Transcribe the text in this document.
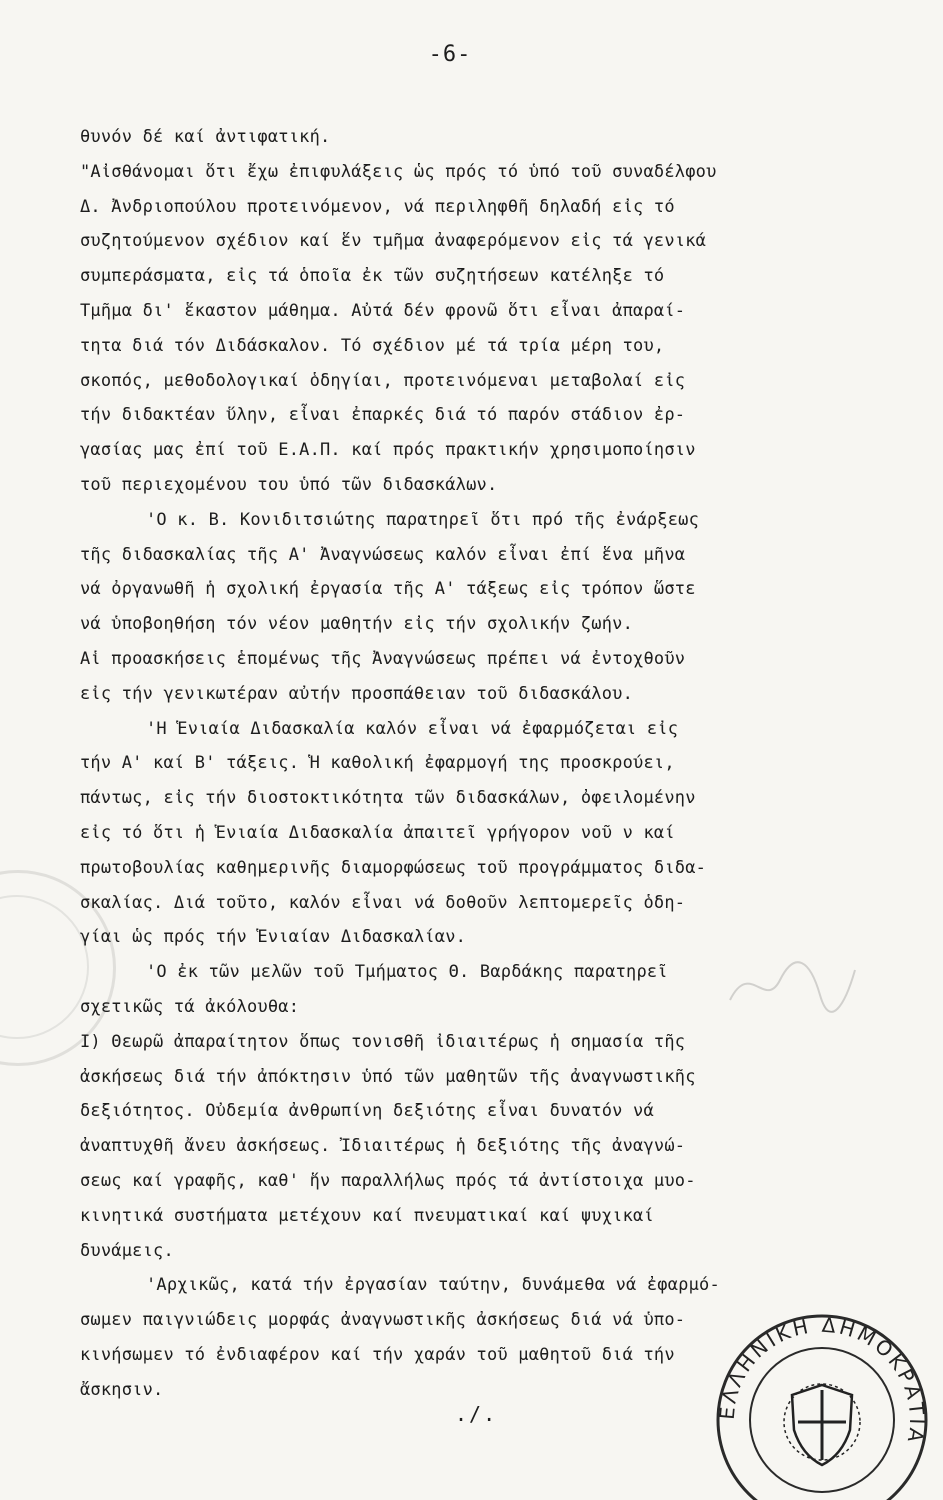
-6-
θυνόν δέ καί ἀντιφατική.
"Αἰσθάνομαι ὅτι ἔχω ἐπιφυλάξεις ὡς πρός τό ὑπό τοῦ συναδέλφου
Δ. Ἀνδριοπούλου προτεινόμενον, νά περιληφθῆ δηλαδή εἰς τό
συζητούμενον σχέδιον καί ἕν τμῆμα ἀναφερόμενον εἰς τά γενικά
συμπεράσματα, εἰς τά ὁποῖα ἐκ τῶν συζητήσεων κατέληξε τό
Τμῆμα δι' ἕκαστον μάθημα. Αὐτά δέν φρονῶ ὅτι εἶναι ἀπαραί-
τητα διά τόν Διδάσκαλον. Τό σχέδιον μέ τά τρία μέρη του,
σκοπός, μεθοδολογικαί ὁδηγίαι, προτεινόμεναι μεταβολαί εἰς
τήν διδακτέαν ὕλην, εἶναι ἐπαρκές διά τό παρόν στάδιον ἐρ-
γασίας μας ἐπί τοῦ Ε.Α.Π. καί πρός πρακτικήν χρησιμοποίησιν
τοῦ περιεχομένου του ὑπό τῶν διδασκάλων.
'Ο κ. Β. Κονιδιτσιώτης παρατηρεῖ ὅτι πρό τῆς ἐνάρξεως
τῆς διδασκαλίας τῆς Α' Ἀναγνώσεως καλόν εἶναι ἐπί ἕνα μῆνα
νά ὀργανωθῆ ἡ σχολική ἐργασία τῆς Α' τάξεως εἰς τρόπον ὥστε
νά ὑποβοηθήση τόν νέον μαθητήν εἰς τήν σχολικήν ζωήν.
Αἱ προασκήσεις ἑπομένως τῆς Ἀναγνώσεως πρέπει νά ἐντοχθοῦν
εἰς τήν γενικωτέραν αὐτήν προσπάθειαν τοῦ διδασκάλου.
'Η Ἑνιαία Διδασκαλία καλόν εἶναι νά ἐφαρμόζεται εἰς
τήν Α' καί Β' τάξεις. Ἡ καθολική ἐφαρμογή της προσκρούει,
πάντως, εἰς τήν διοστοκτικότητα τῶν διδασκάλων, ὀφειλομένην
εἰς τό ὅτι ἡ Ἑνιαία Διδασκαλία ἀπαιτεῖ γρήγορον νοῦ ν καί
πρωτοβουλίας καθημερινῆς διαμορφώσεως τοῦ προγράμματος διδα-
σκαλίας. Διά τοῦτο, καλόν εἶναι νά δοθοῦν λεπτομερεῖς ὁδη-
γίαι ὡς πρός τήν Ἑνιαίαν Διδασκαλίαν.
'Ο ἐκ τῶν μελῶν τοῦ Τμήματος Θ. Βαρδάκης παρατηρεῖ
σχετικῶς τά ἀκόλουθα:
I) Θεωρῶ ἀπαραίτητον ὅπως τονισθῆ ἰδιαιτέρως ἡ σημασία τῆς
ἀσκήσεως διά τήν ἀπόκτησιν ὑπό τῶν μαθητῶν τῆς ἀναγνωστικῆς
δεξιότητος. Οὐδεμία ἀνθρωπίνη δεξιότης εἶναι δυνατόν νά
ἀναπτυχθῆ ἄνευ ἀσκήσεως. Ἰδιαιτέρως ἡ δεξιότης τῆς ἀναγνώ-
σεως καί γραφῆς, καθ' ἥν παραλλήλως πρός τά ἀντίστοιχα μυο-
κινητικά συστήματα μετέχουν καί πνευματικαί καί ψυχικαί
δυνάμεις.
'Αρχικῶς, κατά τήν ἐργασίαν ταύτην, δυνάμεθα νά ἐφαρμό-
σωμεν παιγνιώδεις μορφάς ἀναγνωστικῆς ἀσκήσεως διά νά ὑπο-
κινήσωμεν τό ἐνδιαφέρον καί τήν χαράν τοῦ μαθητοῦ διά τήν
ἄσκησιν.
./.	ΕΛΛΗΝΙΚΗ ΔΗΜΟΚΡΑΤΙΑ
